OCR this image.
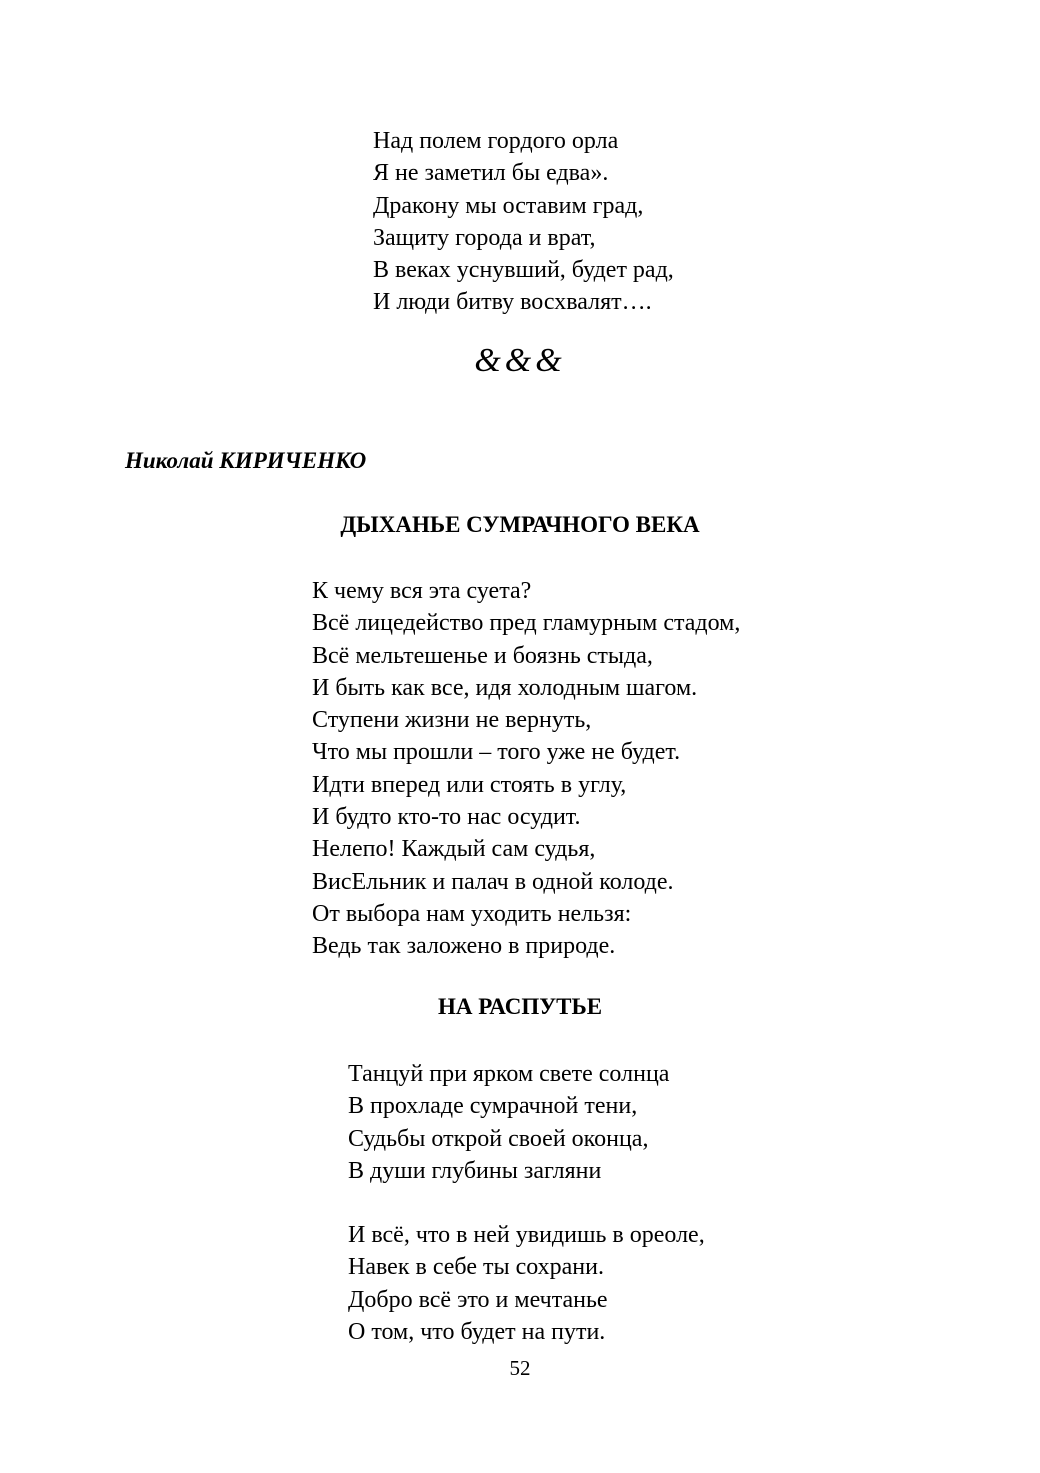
Над полем гордого орла
Я не заметил бы едва».
Дракону мы оставим град,
Защиту города и врат,
В веках уснувший, будет рад,
И люди битву восхвалят….
&&&
Николай КИРИЧЕНКО
ДЫХАНЬЕ СУМРАЧНОГО ВЕКА
К чему вся эта суета?
Всё лицедейство пред гламурным стадом,
Всё мельтешенье и боязнь стыда,
И быть как все, идя холодным шагом.
Ступени жизни не вернуть,
Что мы прошли – того уже не будет.
Идти вперед или стоять в углу,
И будто кто-то нас осудит.
Нелепо! Каждый сам судья,
ВисЕльник и палач в одной колоде.
От выбора нам уходить нельзя:
Ведь так заложено в природе.
НА РАСПУТЬЕ
Танцуй при ярком свете солнца
В прохладе сумрачной тени,
Судьбы открой своей оконца,
В души глубины загляни
И всё, что в ней увидишь в ореоле,
Навек в себе ты сохрани.
Добро всё это и мечтанье
О том, что будет на пути.
52
